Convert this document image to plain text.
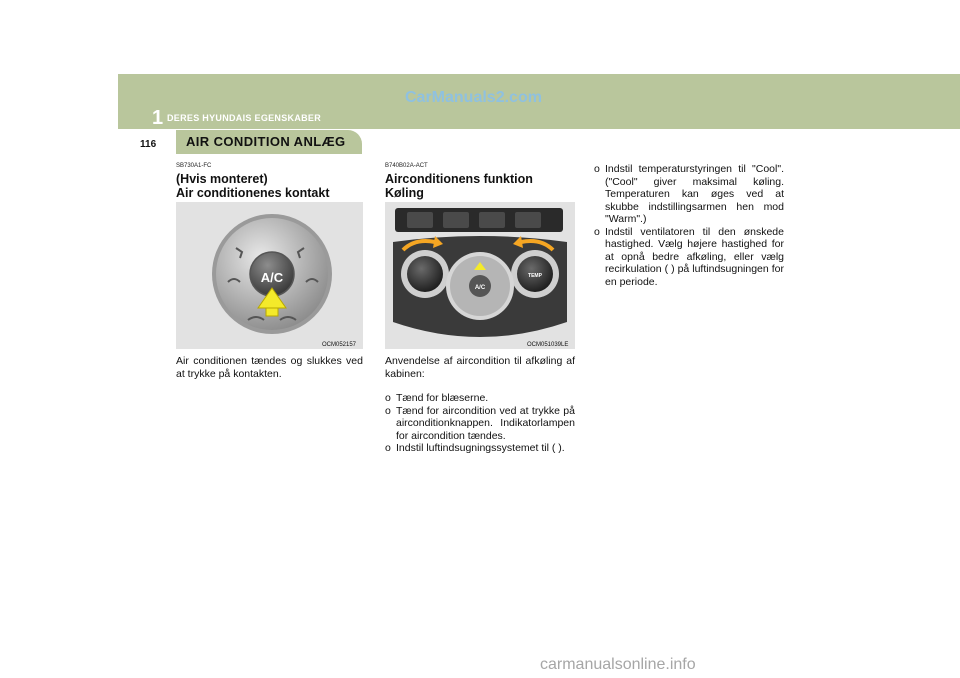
1 DERES HYUNDAIS EGENSKABER
CarManuals2.com
116 AIR CONDITION ANLÆG
SB730A1-FC
(Hvis monteret)
Air conditionenes kontakt
A/C
OCM052157
Air conditionen tændes og slukkes ved at trykke på kontakten.
B740B02A-ACT
Airconditionens funktion
Køling
TEMP
A/C
OCM051039LE
Anvendelse af aircondition til afkøling af kabinen:
o Tænd for blæserne.
o Tænd for aircondition ved at trykke på airconditionknappen. Indikatorlampen for aircondition tændes.
o Indstil luftindsugningssystemet til ( ).
o Indstil temperaturstyringen til "Cool". ("Cool" giver maksimal køling. Temperaturen kan øges ved at skubbe indstillingsarmen hen mod "Warm".)
o Indstil ventilatoren til den ønskede hastighed. Vælg højere hastighed for at opnå bedre afkøling, eller vælg recirkulation ( ) på luftindsugningen for en periode.
carmanualsonline.info
